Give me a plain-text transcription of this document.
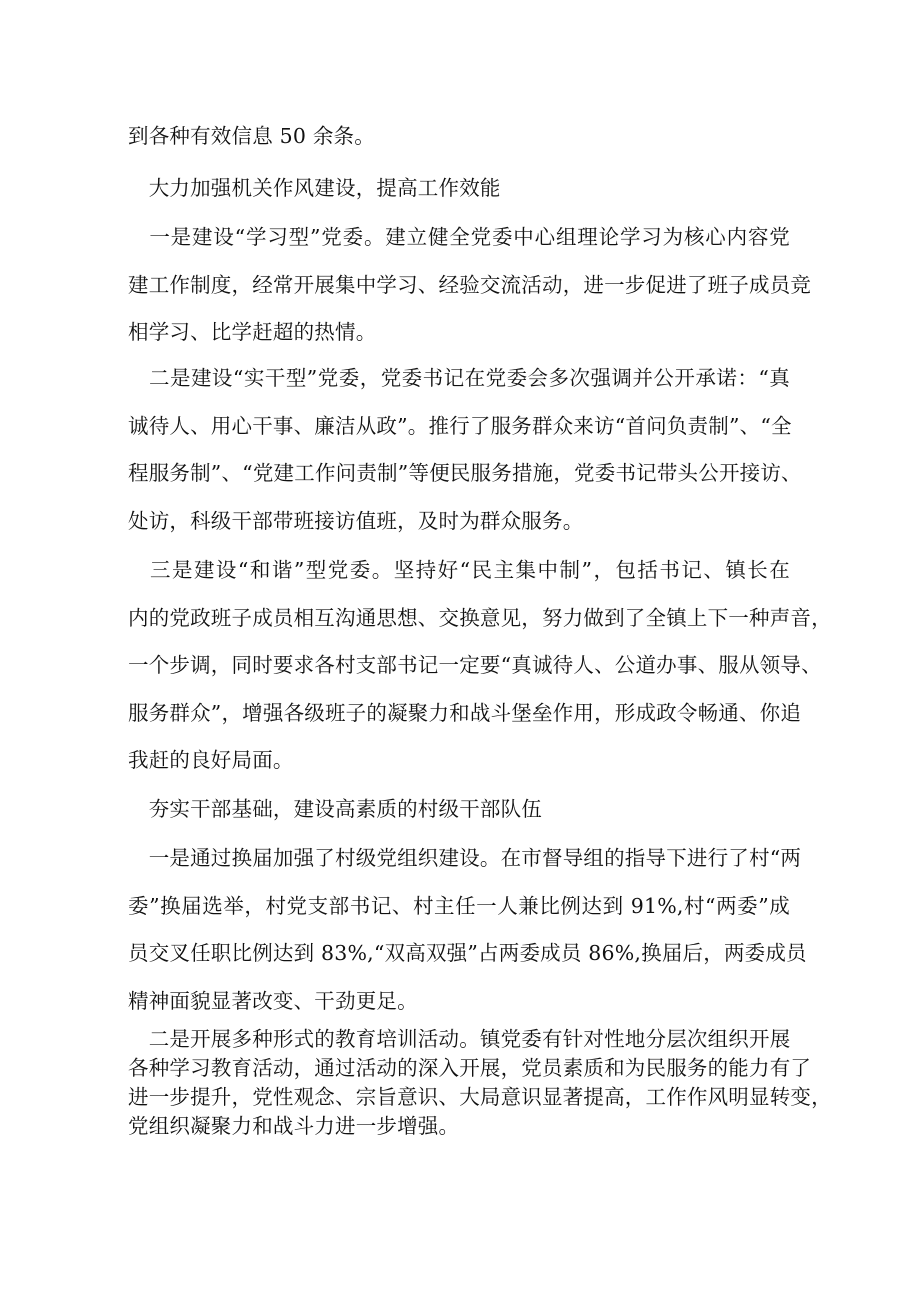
到各种有效信息 50 余条。

　大力加强机关作风建设，提高工作效能

　一是建设“学习型”党委。建立健全党委中心组理论学习为核心内容党
建工作制度，经常开展集中学习、经验交流活动，进一步促进了班子成员竞
相学习、比学赶超的热情。

　二是建设“实干型”党委，党委书记在党委会多次强调并公开承诺：“真
诚待人、用心干事、廉洁从政”。推行了服务群众来访“首问负责制”、“全
程服务制”、“党建工作问责制”等便民服务措施，党委书记带头公开接访、
处访，科级干部带班接访值班，及时为群众服务。

　三是建设“和谐”型党委。坚持好“民主集中制”，包括书记、镇长在
内的党政班子成员相互沟通思想、交换意见，努力做到了全镇上下一种声音，
一个步调，同时要求各村支部书记一定要“真诚待人、公道办事、服从领导、
服务群众”，增强各级班子的凝聚力和战斗堡垒作用，形成政令畅通、你追
我赶的良好局面。

　夯实干部基础，建设高素质的村级干部队伍

　一是通过换届加强了村级党组织建设。在市督导组的指导下进行了村“两
委”换届选举，村党支部书记、村主任一人兼比例达到 91%,村“两委”成
员交叉任职比例达到 83%,“双高双强”占两委成员 86%,换届后，两委成员
精神面貌显著改变、干劲更足。

　二是开展多种形式的教育培训活动。镇党委有针对性地分层次组织开展
各种学习教育活动，通过活动的深入开展，党员素质和为民服务的能力有了
进一步提升，党性观念、宗旨意识、大局意识显著提高，工作作风明显转变，
党组织凝聚力和战斗力进一步增强。
